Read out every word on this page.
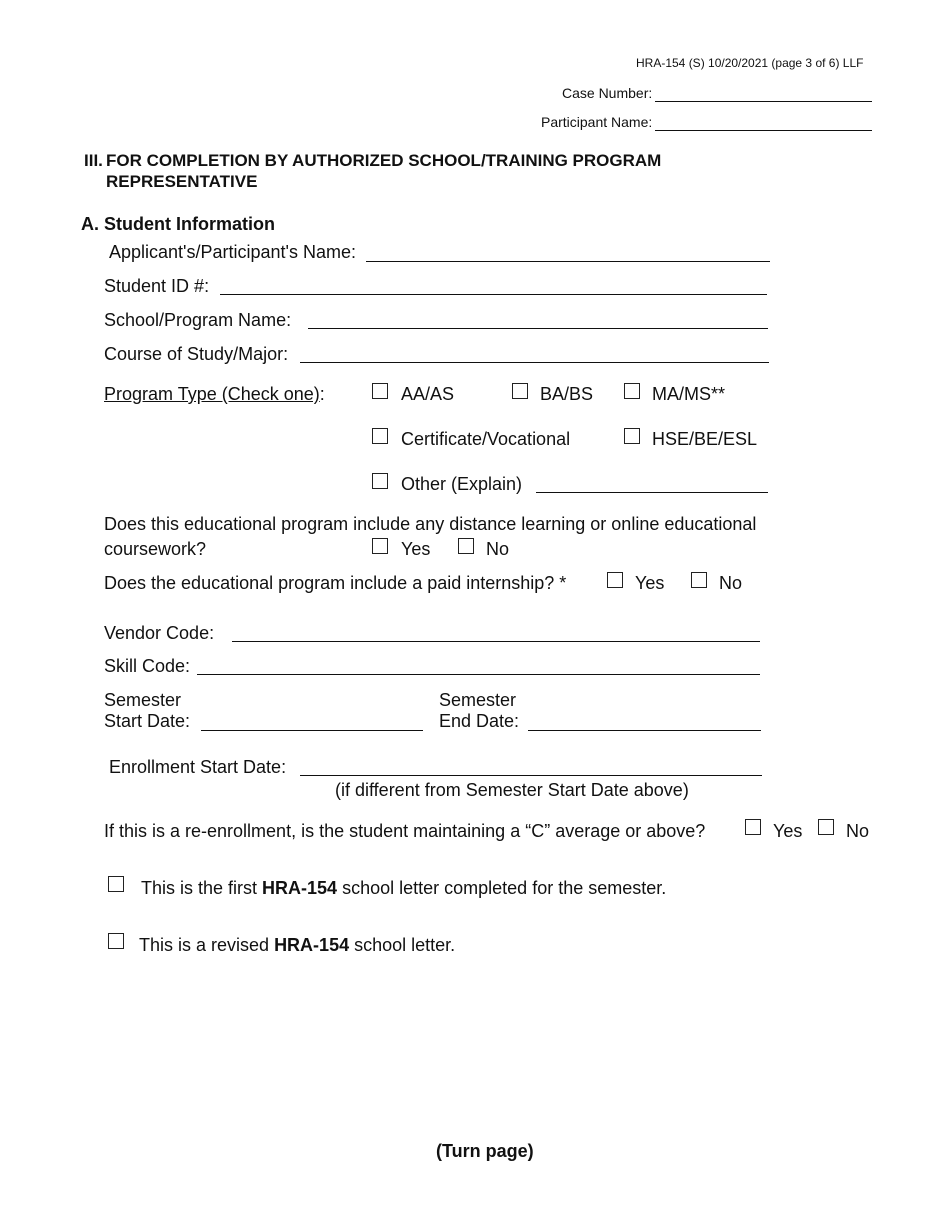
HRA-154 (S) 10/20/2021 (page 3 of 6) LLF
Case Number:
Participant Name:
III. FOR COMPLETION BY AUTHORIZED SCHOOL/TRAINING PROGRAM
REPRESENTATIVE
A. Student Information
Applicant's/Participant's Name:
Student ID #:
School/Program Name:
Course of Study/Major:
Program Type (Check one):	AA/AS	BA/BS	MA/MS**
Certificate/Vocational	HSE/BE/ESL
Other (Explain)
Does this educational program include any distance learning or online educational
coursework?	Yes	No
Does the educational program include a paid internship? *	Yes	No
Vendor Code:
Skill Code:
Semester
Start Date:
Semester
End Date:
Enrollment Start Date:
(if different from Semester Start Date above)
If this is a re-enrollment, is the student maintaining a “C” average or above?	Yes No
This is the first HRA-154 school letter completed for the semester.
This is a revised HRA-154 school letter.
(Turn page)
